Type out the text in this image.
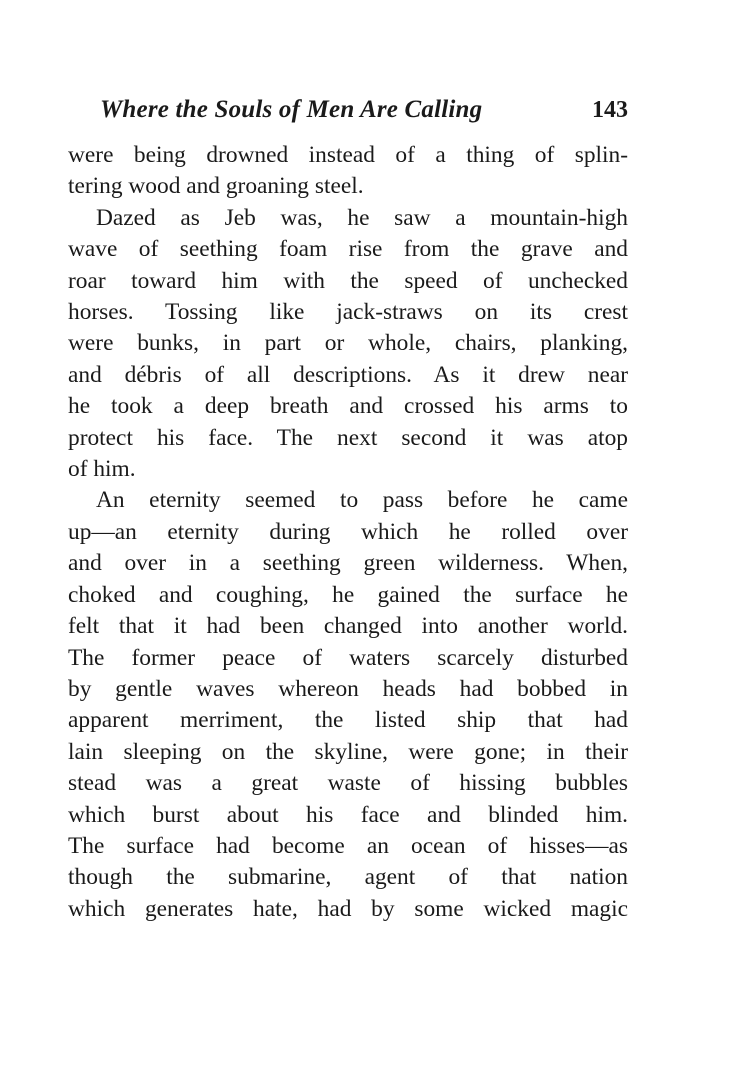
Where the Souls of Men Are Calling	143

were being drowned instead of a thing of splin-

tering wood and groaning steel.

Dazed as Jeb was, he saw a mountain-high

wave of seething foam rise from the grave and

roar toward him with the speed of unchecked

horses. Tossing like jack-straws on its crest

were bunks, in part or whole, chairs, planking,

and débris of all descriptions. As it drew near

he took a deep breath and crossed his arms to

protect his face. The next second it was atop

of him.

An eternity seemed to pass before he came

up—an eternity during which he rolled over

and over in a seething green wilderness. When,

choked and coughing, he gained the surface he

felt that it had been changed into another world.

The former peace of waters scarcely disturbed

by gentle waves whereon heads had bobbed in

apparent merriment, the listed ship that had

lain sleeping on the skyline, were gone; in their

stead was a great waste of hissing bubbles

which burst about his face and blinded him.

The surface had become an ocean of hisses—as

though the submarine, agent of that nation

which generates hate, had by some wicked magic
